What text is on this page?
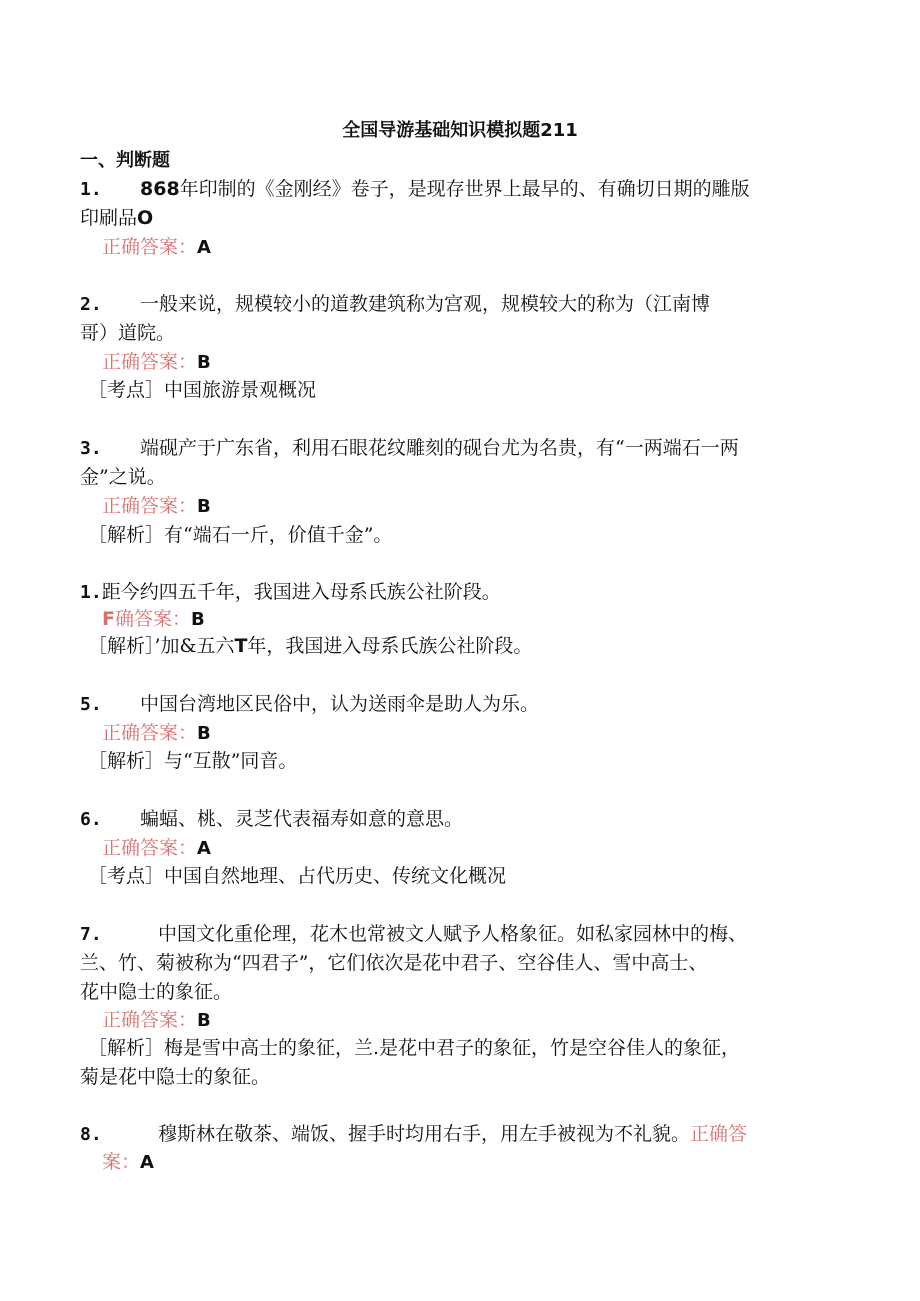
全国导游基础知识模拟题211
一、判断题
1. 868年印制的《金刚经》卷子，是现存世界上最早的、有确切日期的雕版
印刷品O
正确答案：A
2. 一般来说，规模较小的道教建筑称为宫观，规模较大的称为（江南博
哥）道院。
正确答案：B
［考点］中国旅游景观概况
3. 端砚产于广东省，利用石眼花纹雕刻的砚台尤为名贵，有“一两端石一两
金”之说。
正确答案：B
［解析］有“端石一斤，价值千金”。
1.距今约四五千年，我国进入母系氏族公社阶段。
F确答案：B
［解析］’加&五六T年，我国进入母系氏族公社阶段。
5. 中国台湾地区民俗中，认为送雨伞是助人为乐。
正确答案：B
［解析］与“互散”同音。
6. 蝙蝠、桃、灵芝代表福寿如意的意思。
正确答案：A
［考点］中国自然地理、占代历史、传统文化概况
7.	中国文化重伦理，花木也常被文人赋予人格象征。如私家园林中的梅、
兰、竹、菊被称为“四君子”，它们依次是花中君子、空谷佳人、雪中高士、
花中隐士的象征。
正确答案：B
［解析］梅是雪中高士的象征，兰.是花中君子的象征，竹是空谷佳人的象征，
菊是花中隐士的象征。
8.	穆斯林在敬茶、端饭、握手时均用右手，用左手被视为不礼貌。正确答
案：A
